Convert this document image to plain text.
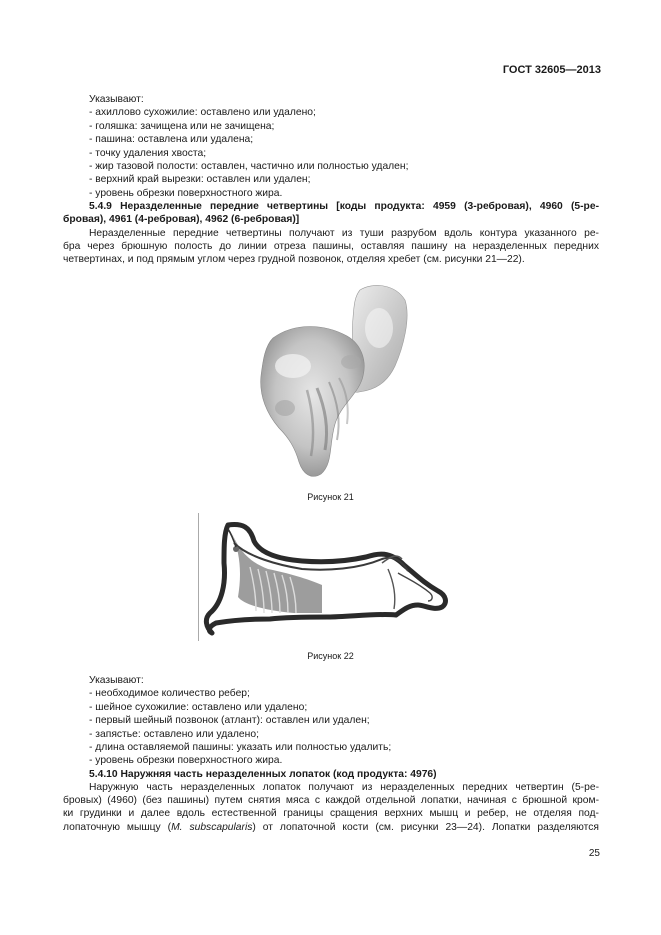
ГОСТ 32605—2013
Указывают:
- ахиллово сухожилие: оставлено или удалено;
- голяшка: зачищена или не зачищена;
- пашина: оставлена или удалена;
- точку удаления хвоста;
- жир тазовой полости: оставлен, частично или полностью удален;
- верхний край вырезки: оставлен или удален;
- уровень обрезки поверхностного жира.
5.4.9 Неразделенные передние четвертины [коды продукта: 4959 (3-ребровая), 4960 (5-ре-
бровая), 4961 (4-ребровая), 4962 (6-ребровая)]
Неразделенные передние четвертины получают из туши разрубом вдоль контура указанного ре-
бра через брюшную полость до линии отреза пашины, оставляя пашину на неразделенных передних
четвертинах, и под прямым углом через грудной позвонок, отделяя хребет (см. рисунки 21—22).
Рисунок 21
Рисунок 22
Указывают:
- необходимое количество ребер;
- шейное сухожилие: оставлено или удалено;
- первый шейный позвонок (атлант): оставлен или удален;
- запястье: оставлено или удалено;
- длина оставляемой пашины: указать или полностью удалить;
- уровень обрезки поверхностного жира.
5.4.10 Наружняя часть неразделенных лопаток (код продукта: 4976)
Наружную часть неразделенных лопаток получают из неразделенных передних четвертин (5-ре-
бровых) (4960) (без пашины) путем снятия мяса с каждой отдельной лопатки, начиная с брюшной кром-
ки грудинки и далее вдоль естественной границы сращения верхних мышц и ребер, не отделяя под-
лопаточную мышцу (M. subscapularis) от лопаточной кости (см. рисунки 23—24). Лопатки разделяются
25
